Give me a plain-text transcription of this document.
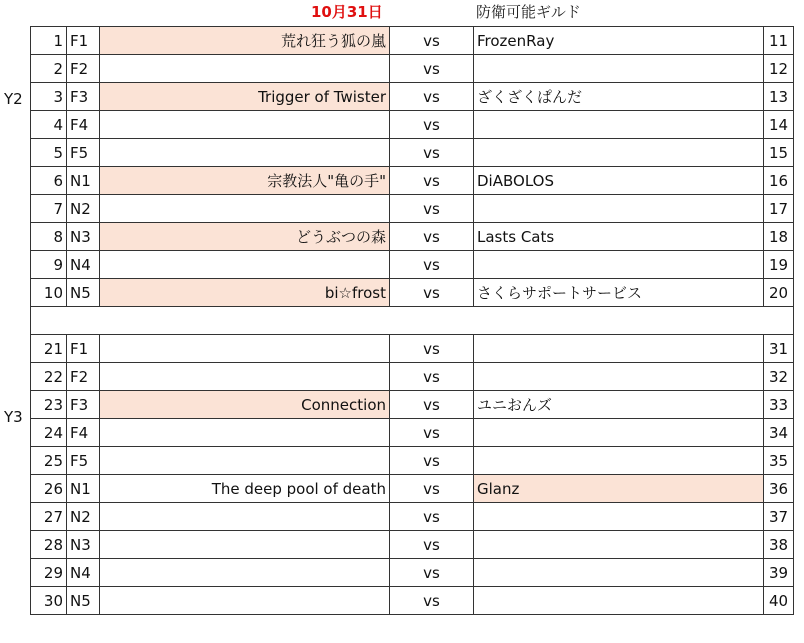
10月31日	防衛可能ギルド
Y2
Y3
1	F1	荒れ狂う狐の嵐	vs	FrozenRay	11
2	F2		vs		12
3	F3	Trigger of Twister	vs	ざくざくぱんだ	13
4	F4		vs		14
5	F5		vs		15
6	N1	宗教法人"亀の手"	vs	DiABOLOS	16
7	N2		vs		17
8	N3	どうぶつの森	vs	Lasts Cats	18
9	N4		vs		19
10	N5	bi☆frost	vs	さくらサポートサービス	20

21	F1		vs		31
22	F2		vs		32
23	F3	Connection	vs	ユニおんズ	33
24	F4		vs		34
25	F5		vs		35
26	N1	The deep pool of death	vs	Glanz	36
27	N2		vs		37
28	N3		vs		38
29	N4		vs		39
30	N5		vs		40
